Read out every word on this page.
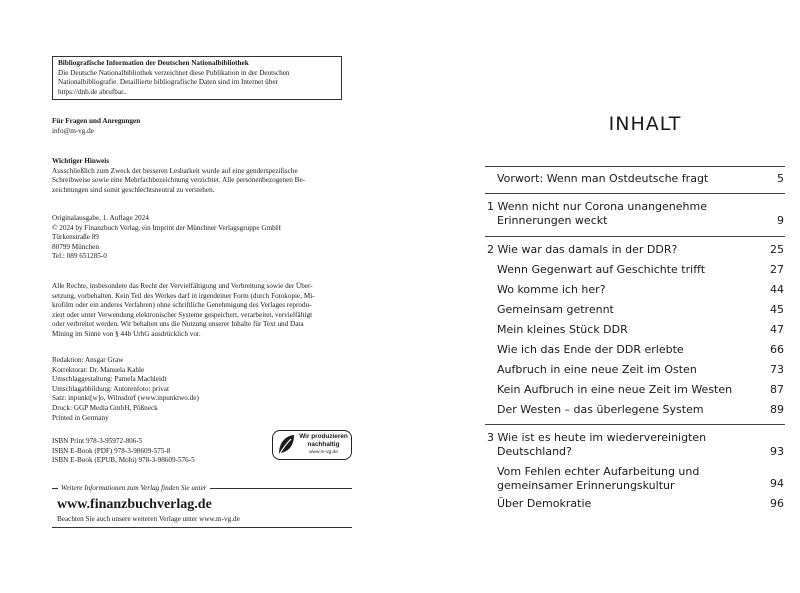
Bibliografische Information der Deutschen Nationalbibliothek
Die Deutsche Nationalbibliothek verzeichnet diese Publikation in der Deutschen
Nationalbibliografie. Detaillierte bibliografische Daten sind im Internet über
https://dnb.de abrufbar..
Für Fragen und Anregungen
info@m-vg.de
Wichtiger Hinweis
Ausschließlich zum Zweck der besseren Lesbarkeit wurde auf eine genderspezifische
Schreibweise sowie eine Mehrfachbezeichnung verzichtet. Alle personenbezogenen Be-
zeichnungen sind somit geschlechtsneutral zu verstehen.
Originalausgabe, 1. Auflage 2024
© 2024 by Finanzbuch Verlag, ein Imprint der Münchner Verlagsgruppe GmbH
Türkenstraße 89
80799 München
Tel.: 089 651285-0
Alle Rechte, insbesondere das Recht der Vervielfältigung und Verbreitung sowie der Über-
setzung, vorbehalten. Kein Teil des Werkes darf in irgendeiner Form (durch Fotokopie, Mi-
krofilm oder ein anderes Verfahren) ohne schriftliche Genehmigung des Verlages reprodu-
ziert oder unter Verwendung elektronischer Systeme gespeichert, verarbeitet, vervielfältigt
oder verbreitet werden. Wir behalten uns die Nutzung unserer Inhalte für Text und Data
Mining im Sinne von § 44b UrhG ausdrücklich vor.
Redaktion: Ansgar Graw
Korrektorat: Dr. Manuela Kahle
Umschlaggestaltung: Pamela Machleidt
Umschlagabbildung: Autorenfoto: privat
Satz: inpunkt[w]o, Wilnsdorf (www.inpunktwo.de)
Druck: GGP Media GmbH, Pößneck
Printed in Germany
ISBN Print 978-3-95972-806-5
ISBN E-Book (PDF) 978-3-98609-575-8
ISBN E-Book (EPUB, Mobi) 978-3-98609-576-5
Wir produzieren
nachhaltig
www.m-vg.de
Weitere Informationen zum Verlag finden Sie unter
www.finanzbuchverlag.de
Beachten Sie auch unsere weiteren Verlage unter www.m-vg.de
INHALT
Vorwort: Wenn man Ostdeutsche fragt	5
1 Wenn nicht nur Corona unangenehme
Erinnerungen weckt	9
2 Wie war das damals in der DDR?	25
Wenn Gegenwart auf Geschichte trifft	27
Wo komme ich her?	44
Gemeinsam getrennt	45
Mein kleines Stück DDR	47
Wie ich das Ende der DDR erlebte	66
Aufbruch in eine neue Zeit im Osten	73
Kein Aufbruch in eine neue Zeit im Westen	87
Der Westen – das überlegene System	89
3 Wie ist es heute im wiedervereinigten
Deutschland?	93
Vom Fehlen echter Aufarbeitung und
gemeinsamer Erinnerungskultur	94
Über Demokratie	96
